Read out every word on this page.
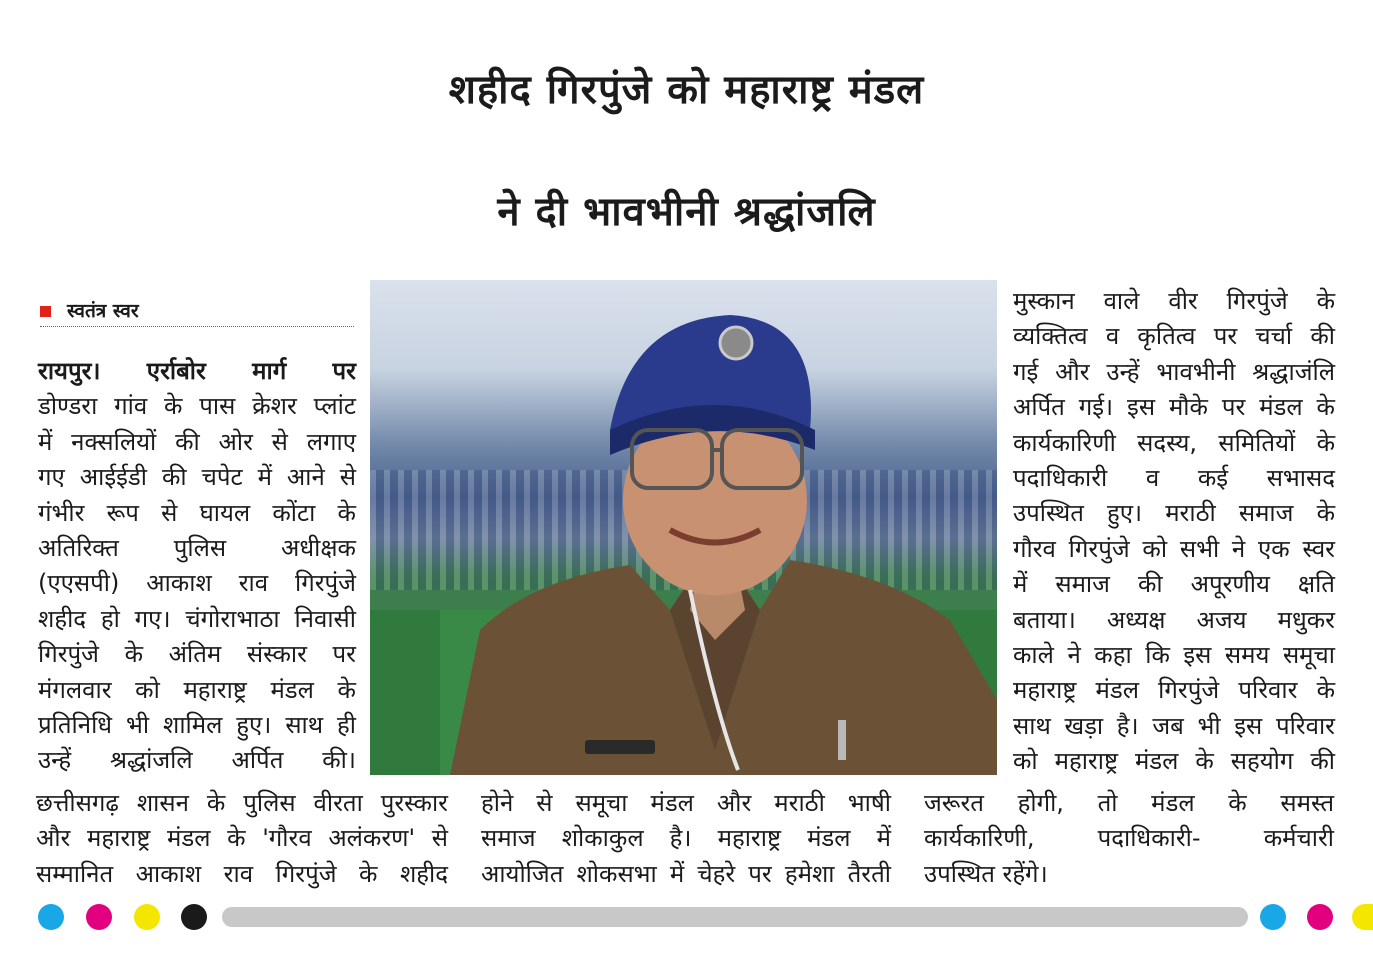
शहीद गिरपुंजे को महाराष्ट्र मंडल
ने दी भावभीनी श्रद्धांजलि
स्वतंत्र स्वर
रायपुर। एर्राबोर मार्ग पर
डोण्डरा गांव के पास क्रेशर प्लांट
में नक्सलियों की ओर से लगाए
गए आईईडी की चपेट में आने से
गंभीर रूप से घायल कोंटा के
अतिरिक्त पुलिस अधीक्षक
(एएसपी) आकाश राव गिरपुंजे
शहीद हो गए। चंगोराभाठा निवासी
गिरपुंजे के अंतिम संस्कार पर
मंगलवार को महाराष्ट्र मंडल के
प्रतिनिधि भी शामिल हुए। साथ ही
उन्हें श्रद्धांजलि अर्पित की।
छत्तीसगढ़ शासन के पुलिस वीरता पुरस्कार
और महाराष्ट्र मंडल के 'गौरव अलंकरण' से
सम्मानित आकाश राव गिरपुंजे के शहीद
होने से समूचा मंडल और मराठी भाषी
समाज शोकाकुल है। महाराष्ट्र मंडल में
आयोजित शोकसभा में चेहरे पर हमेशा तैरती
मुस्कान वाले वीर गिरपुंजे के
व्यक्तित्व व कृतित्व पर चर्चा की
गई और उन्हें भावभीनी श्रद्धाजंलि
अर्पित गई। इस मौके पर मंडल के
कार्यकारिणी सदस्य, समितियों के
पदाधिकारी व कई सभासद
उपस्थित हुए। मराठी समाज के
गौरव गिरपुंजे को सभी ने एक स्वर
में समाज की अपूरणीय क्षति
बताया। अध्यक्ष अजय मधुकर
काले ने कहा कि इस समय समूचा
महाराष्ट्र मंडल गिरपुंजे परिवार के
साथ खड़ा है। जब भी इस परिवार
को महाराष्ट्र मंडल के सहयोग की
जरूरत होगी, तो मंडल के समस्त
कार्यकारिणी, पदाधिकारी- कर्मचारी
उपस्थित रहेंगे।
